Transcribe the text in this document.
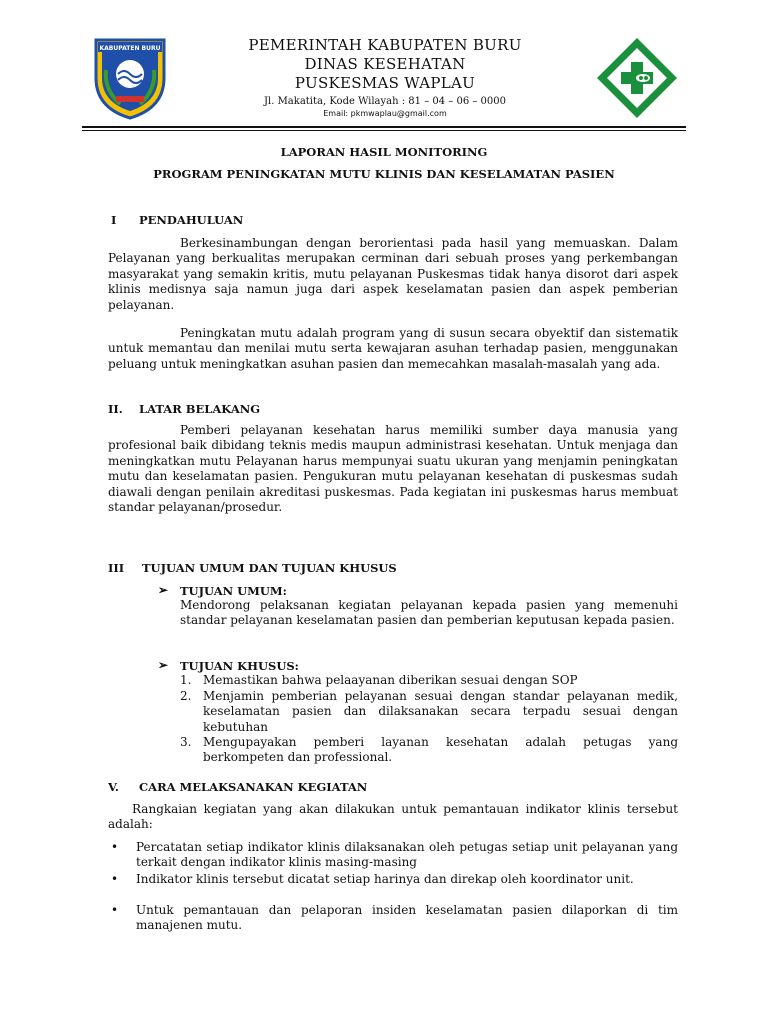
KABUPATEN BURU	PEMERINTAH KABUPATEN BURU
DINAS KESEHATAN
PUSKESMAS WAPLAU
Jl. Makatita, Kode Wilayah : 81 – 04 – 06 – 0000
Email: pkmwaplau@gmail.com
LAPORAN HASIL MONITORING
PROGRAM PENINGKATAN MUTU KLINIS DAN KESELAMATAN PASIEN
I PENDAHULUAN
Berkesinambungan dengan berorientasi pada hasil yang memuaskan. Dalam Pelayanan yang berkualitas merupakan cerminan dari sebuah proses yang perkembangan masyarakat yang semakin kritis, mutu pelayanan Puskesmas tidak hanya disorot dari aspek klinis medisnya saja namun juga dari aspek keselamatan pasien dan aspek pemberian pelayanan.
Peningkatan mutu adalah program yang di susun secara obyektif dan sistematik untuk memantau dan menilai mutu serta kewajaran asuhan terhadap pasien, menggunakan peluang untuk meningkatkan asuhan pasien dan memecahkan masalah-masalah yang ada.
II. LATAR BELAKANG
Pemberi pelayanan kesehatan harus memiliki sumber daya manusia yang profesional baik dibidang teknis medis maupun administrasi kesehatan. Untuk menjaga dan meningkatkan mutu Pelayanan harus mempunyai suatu ukuran yang menjamin peningkatan mutu dan keselamatan pasien. Pengukuran mutu pelayanan kesehatan di puskesmas sudah diawali dengan penilain akreditasi puskesmas. Pada kegiatan ini puskesmas harus membuat standar pelayanan/prosedur.
III TUJUAN UMUM DAN TUJUAN KHUSUS
➢ TUJUAN UMUM:
Mendorong pelaksanan kegiatan pelayanan kepada pasien yang memenuhi standar pelayanan keselamatan pasien dan pemberian keputusan kepada pasien.
➢ TUJUAN KHUSUS:
1. Memastikan bahwa pelaayanan diberikan sesuai dengan SOP
2. Menjamin pemberian pelayanan sesuai dengan standar pelayanan medik, keselamatan pasien dan dilaksanakan secara terpadu sesuai dengan kebutuhan
3. Mengupayakan pemberi layanan kesehatan adalah petugas yang berkompeten dan professional.
V. CARA MELAKSANAKAN KEGIATAN
Rangkaian kegiatan yang akan dilakukan untuk pemantauan indikator klinis tersebut adalah:
• Percatatan setiap indikator klinis dilaksanakan oleh petugas setiap unit pelayanan yang terkait dengan indikator klinis masing-masing
• Indikator klinis tersebut dicatat setiap harinya dan direkap oleh koordinator unit.
• Untuk pemantauan dan pelaporan insiden keselamatan pasien dilaporkan di tim manajenen mutu.
